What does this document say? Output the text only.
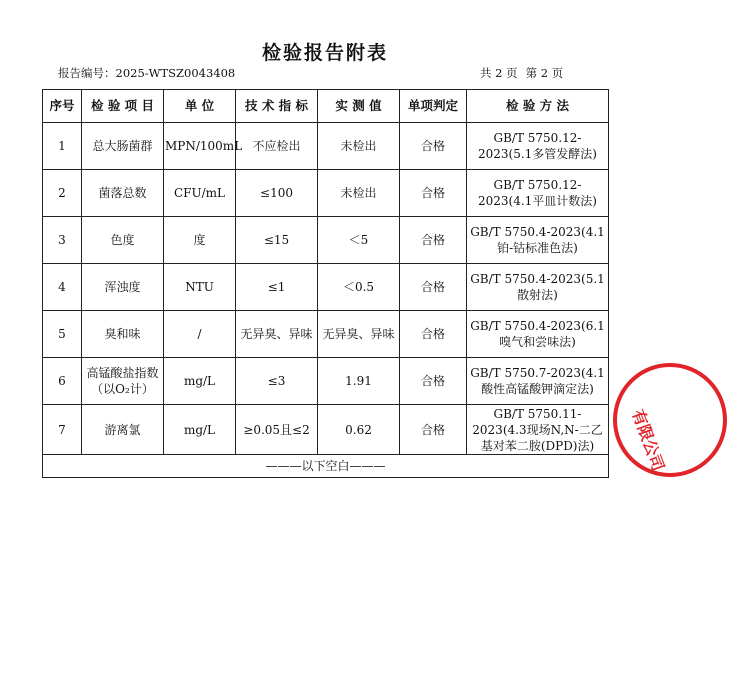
检验报告附表
报告编号：2025-WTSZ0043408	共 2 页 第 2 页
序号	检 验 项 目	单 位	技 术 指 标	实 测 值	单项判定	检 验 方 法
1	总大肠菌群	MPN/100mL	不应检出	未检出	合格	GB/T 5750.12-2023(5.1多管发酵法)
2	菌落总数	CFU/mL	≤100	未检出	合格	GB/T 5750.12-2023(4.1平皿计数法)
3	色度	度	≤15	＜5	合格	GB/T 5750.4-2023(4.1铂-钴标准色法)
4	浑浊度	NTU	≤1	＜0.5	合格	GB/T 5750.4-2023(5.1散射法)
5	臭和味	/	无异臭、异味	无异臭、异味	合格	GB/T 5750.4-2023(6.1嗅气和尝味法)
6	高锰酸盐指数（以O₂计）	mg/L	≤3	1.91	合格	GB/T 5750.7-2023(4.1酸性高锰酸钾滴定法)
7	游离氯	mg/L	≥0.05且≤2	0.62	合格	GB/T 5750.11-2023(4.3现场N,N-二乙基对苯二胺(DPD)法)
———以下空白———							有限公司
